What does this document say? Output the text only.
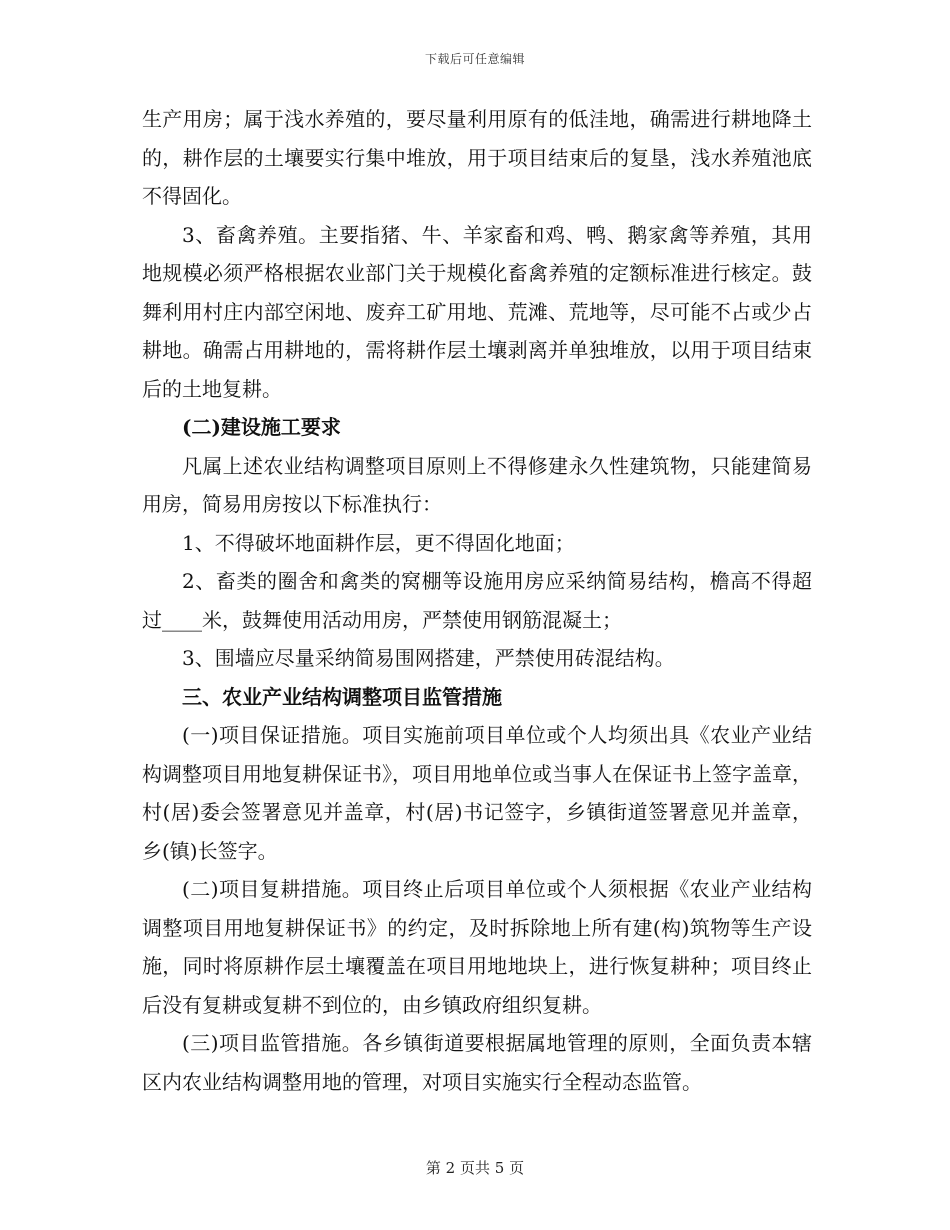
下载后可任意编辑

生产用房；属于浅水养殖的，要尽量利用原有的低洼地，确需进行耕地降土的，耕作层的土壤要实行集中堆放，用于项目结束后的复垦，浅水养殖池底不得固化。

3、畜禽养殖。主要指猪、牛、羊家畜和鸡、鸭、鹅家禽等养殖，其用地规模必须严格根据农业部门关于规模化畜禽养殖的定额标准进行核定。鼓舞利用村庄内部空闲地、废弃工矿用地、荒滩、荒地等，尽可能不占或少占耕地。确需占用耕地的，需将耕作层土壤剥离并单独堆放，以用于项目结束后的土地复耕。

(二)建设施工要求

凡属上述农业结构调整项目原则上不得修建永久性建筑物，只能建简易用房，简易用房按以下标准执行：

1、不得破坏地面耕作层，更不得固化地面；

2、畜类的圈舍和禽类的窝棚等设施用房应采纳简易结构，檐高不得超过____米，鼓舞使用活动用房，严禁使用钢筋混凝土；

3、围墙应尽量采纳简易围网搭建，严禁使用砖混结构。

三、农业产业结构调整项目监管措施

(一)项目保证措施。项目实施前项目单位或个人均须出具《农业产业结构调整项目用地复耕保证书》，项目用地单位或当事人在保证书上签字盖章，村(居)委会签署意见并盖章，村(居)书记签字，乡镇街道签署意见并盖章，乡(镇)长签字。

(二)项目复耕措施。项目终止后项目单位或个人须根据《农业产业结构调整项目用地复耕保证书》的约定，及时拆除地上所有建(构)筑物等生产设施，同时将原耕作层土壤覆盖在项目用地地块上，进行恢复耕种；项目终止后没有复耕或复耕不到位的，由乡镇政府组织复耕。

(三)项目监管措施。各乡镇街道要根据属地管理的原则，全面负责本辖区内农业结构调整用地的管理，对项目实施实行全程动态监管。

第 2 页共 5 页
